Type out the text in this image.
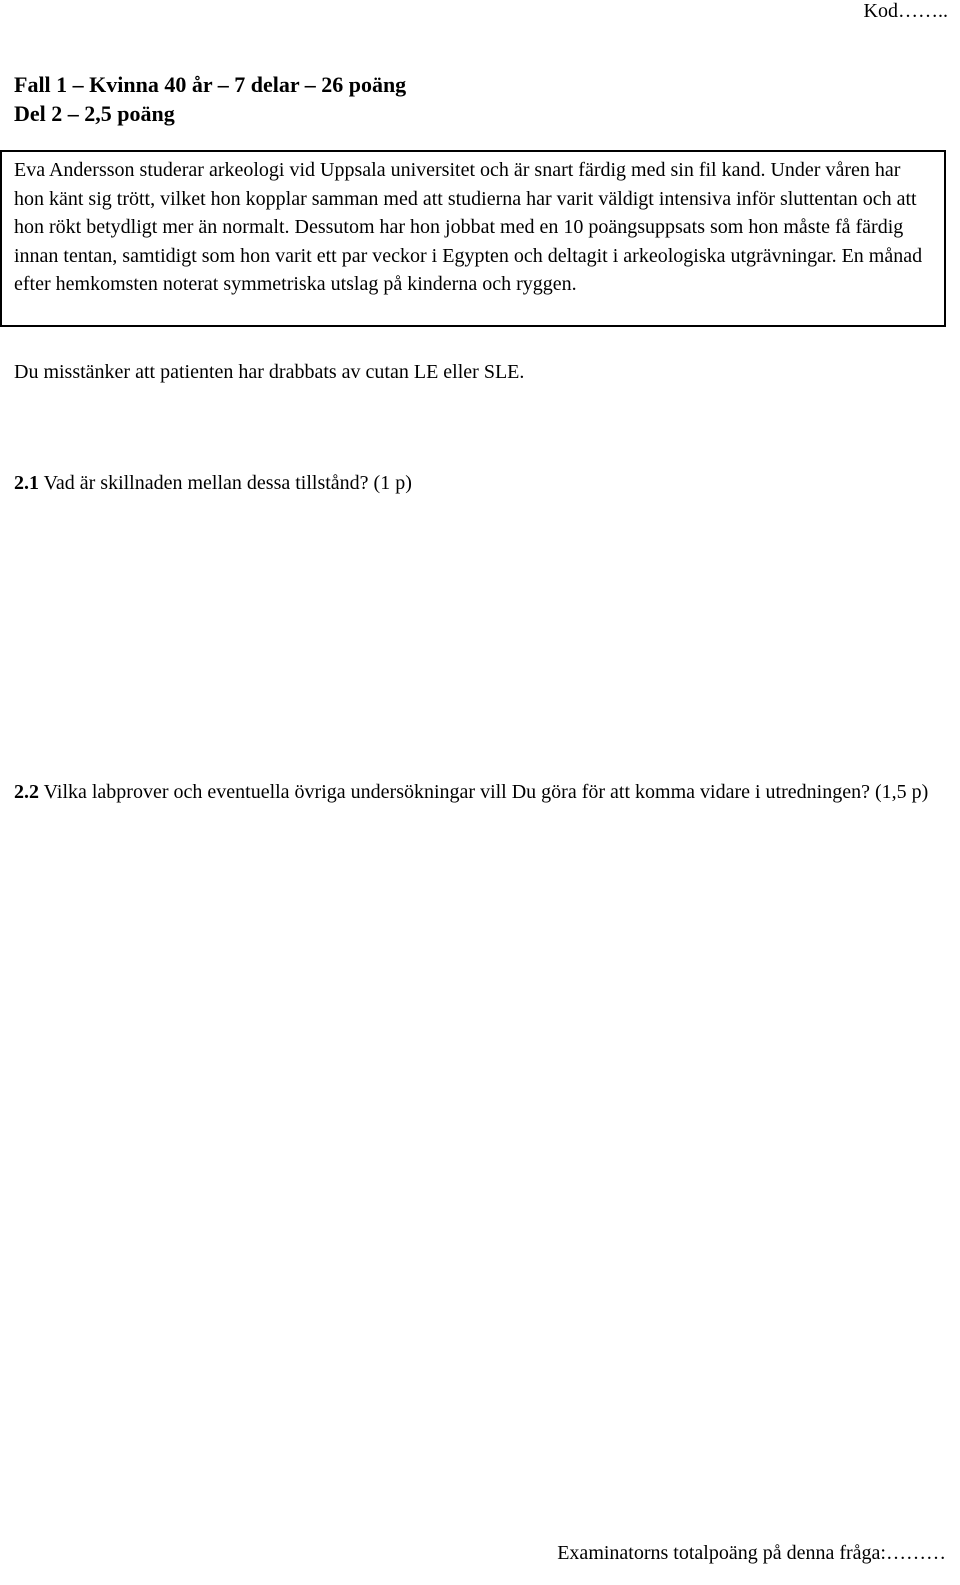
Kod……..
Fall 1 – Kvinna 40 år – 7 delar – 26 poäng
Del 2 – 2,5 poäng
Eva Andersson studerar arkeologi vid Uppsala universitet och är snart färdig med sin fil kand. Under våren har hon känt sig trött, vilket hon kopplar samman med att studierna har varit väldigt intensiva inför sluttentan och att hon rökt betydligt mer än normalt. Dessutom har hon jobbat med en 10 poängsuppsats som hon måste få färdig innan tentan, samtidigt som hon varit ett par veckor i Egypten och deltagit i arkeologiska utgrävningar. En månad efter hemkomsten noterat symmetriska utslag på kinderna och ryggen.
Du misstänker att patienten har drabbats av cutan LE eller SLE.
2.1 Vad är skillnaden mellan dessa tillstånd? (1 p)
2.2 Vilka labprover och eventuella övriga undersökningar vill Du göra för att komma vidare i utredningen? (1,5 p)
Examinatorns totalpoäng på denna fråga:………
